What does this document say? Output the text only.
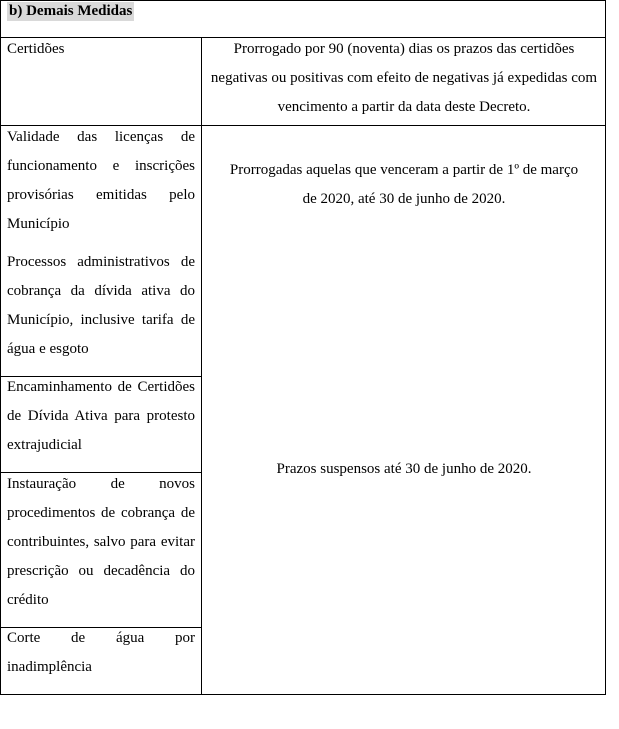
b) Demais Medidas
Certidões	Prorrogado por 90 (noventa) dias os prazos das certidões negativas ou positivas com efeito de negativas já expedidas com vencimento a partir da data deste Decreto.
Validade das licenças de funcionamento e inscrições provisórias emitidas pelo Município
Prorrogadas aquelas que venceram a partir de 1º de março de 2020, até 30 de junho de 2020.
Processos administrativos de cobrança da dívida ativa do Município, inclusive tarifa de água e esgoto
Encaminhamento de Certidões de Dívida Ativa para protesto extrajudicial
Prazos suspensos até 30 de junho de 2020.
Instauração de novos procedimentos de cobrança de contribuintes, salvo para evitar prescrição ou decadência do crédito
Corte de água por inadimplência
